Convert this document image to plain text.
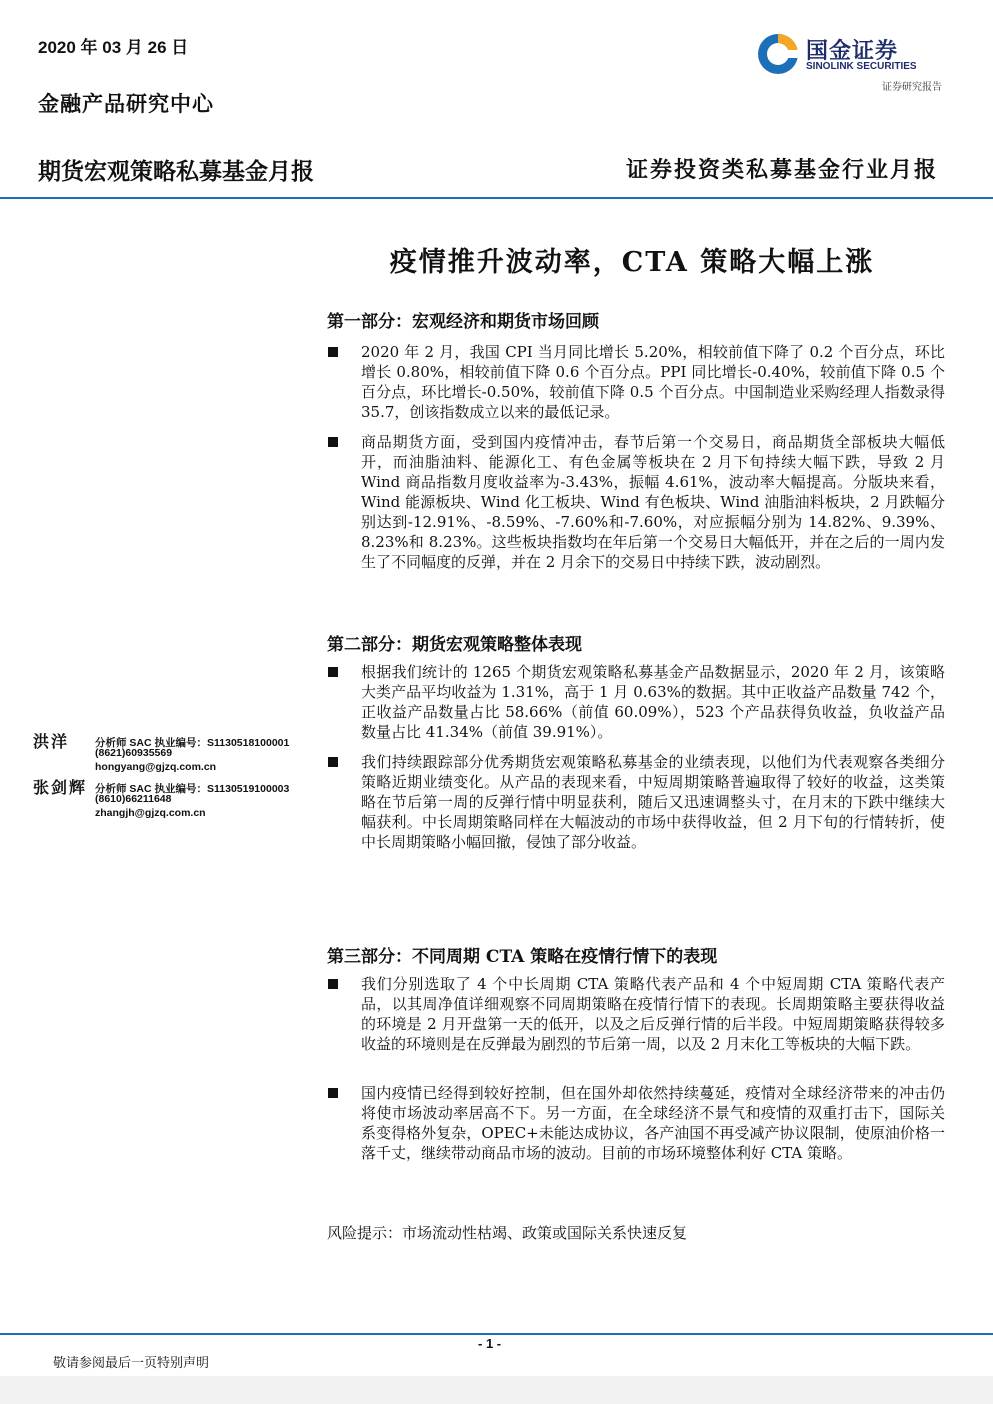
2020 年 03 月 26 日
金融产品研究中心
期货宏观策略私募基金月报	证券投资类私募基金行业月报
国金证券
SINOLINK SECURITIES
证券研究报告
疫情推升波动率，CTA 策略大幅上涨
第一部分：宏观经济和期货市场回顾
2020 年 2 月，我国 CPI 当月同比增长 5.20%，相较前值下降了 0.2 个百分点，环比增长 0.80%，相较前值下降 0.6 个百分点。PPI 同比增长-0.40%，较前值下降 0.5 个百分点，环比增长-0.50%，较前值下降 0.5 个百分点。中国制造业采购经理人指数录得 35.7，创该指数成立以来的最低记录。
商品期货方面，受到国内疫情冲击，春节后第一个交易日，商品期货全部板块大幅低开，而油脂油料、能源化工、有色金属等板块在 2 月下旬持续大幅下跌，导致 2 月 Wind 商品指数月度收益率为-3.43%，振幅 4.61%，波动率大幅提高。分版块来看，Wind 能源板块、Wind 化工板块、Wind 有色板块、Wind 油脂油料板块，2 月跌幅分别达到-12.91%、-8.59%、-7.60%和-7.60%，对应振幅分别为 14.82%、9.39%、8.23%和 8.23%。这些板块指数均在年后第一个交易日大幅低开，并在之后的一周内发生了不同幅度的反弹，并在 2 月余下的交易日中持续下跌，波动剧烈。
第二部分：期货宏观策略整体表现
根据我们统计的 1265 个期货宏观策略私募基金产品数据显示，2020 年 2 月，该策略大类产品平均收益为 1.31%，高于 1 月 0.63%的数据。其中正收益产品数量 742 个，正收益产品数量占比 58.66%（前值 60.09%），523 个产品获得负收益，负收益产品数量占比 41.34%（前值 39.91%）。
我们持续跟踪部分优秀期货宏观策略私募基金的业绩表现，以他们为代表观察各类细分策略近期业绩变化。从产品的表现来看，中短周期策略普遍取得了较好的收益，这类策略在节后第一周的反弹行情中明显获利，随后又迅速调整头寸，在月末的下跌中继续大幅获利。中长周期策略同样在大幅波动的市场中获得收益，但 2 月下旬的行情转折，使中长周期策略小幅回撤，侵蚀了部分收益。
洪洋 分析师 SAC 执业编号：S1130518100001
(8621)60935569
hongyang@gjzq.com.cn
张剑辉 分析师 SAC 执业编号：S1130519100003
(8610)66211648
zhangjh@gjzq.com.cn
第三部分：不同周期 CTA 策略在疫情行情下的表现
我们分别选取了 4 个中长周期 CTA 策略代表产品和 4 个中短周期 CTA 策略代表产品，以其周净值详细观察不同周期策略在疫情行情下的表现。长周期策略主要获得收益的环境是 2 月开盘第一天的低开，以及之后反弹行情的后半段。中短周期策略获得较多收益的环境则是在反弹最为剧烈的节后第一周，以及 2 月末化工等板块的大幅下跌。
国内疫情已经得到较好控制，但在国外却依然持续蔓延，疫情对全球经济带来的冲击仍将使市场波动率居高不下。另一方面，在全球经济不景气和疫情的双重打击下，国际关系变得格外复杂，OPEC+未能达成协议，各产油国不再受减产协议限制，使原油价格一落千丈，继续带动商品市场的波动。目前的市场环境整体利好 CTA 策略。
风险提示：市场流动性枯竭、政策或国际关系快速反复
- 1 -
敬请参阅最后一页特别声明
